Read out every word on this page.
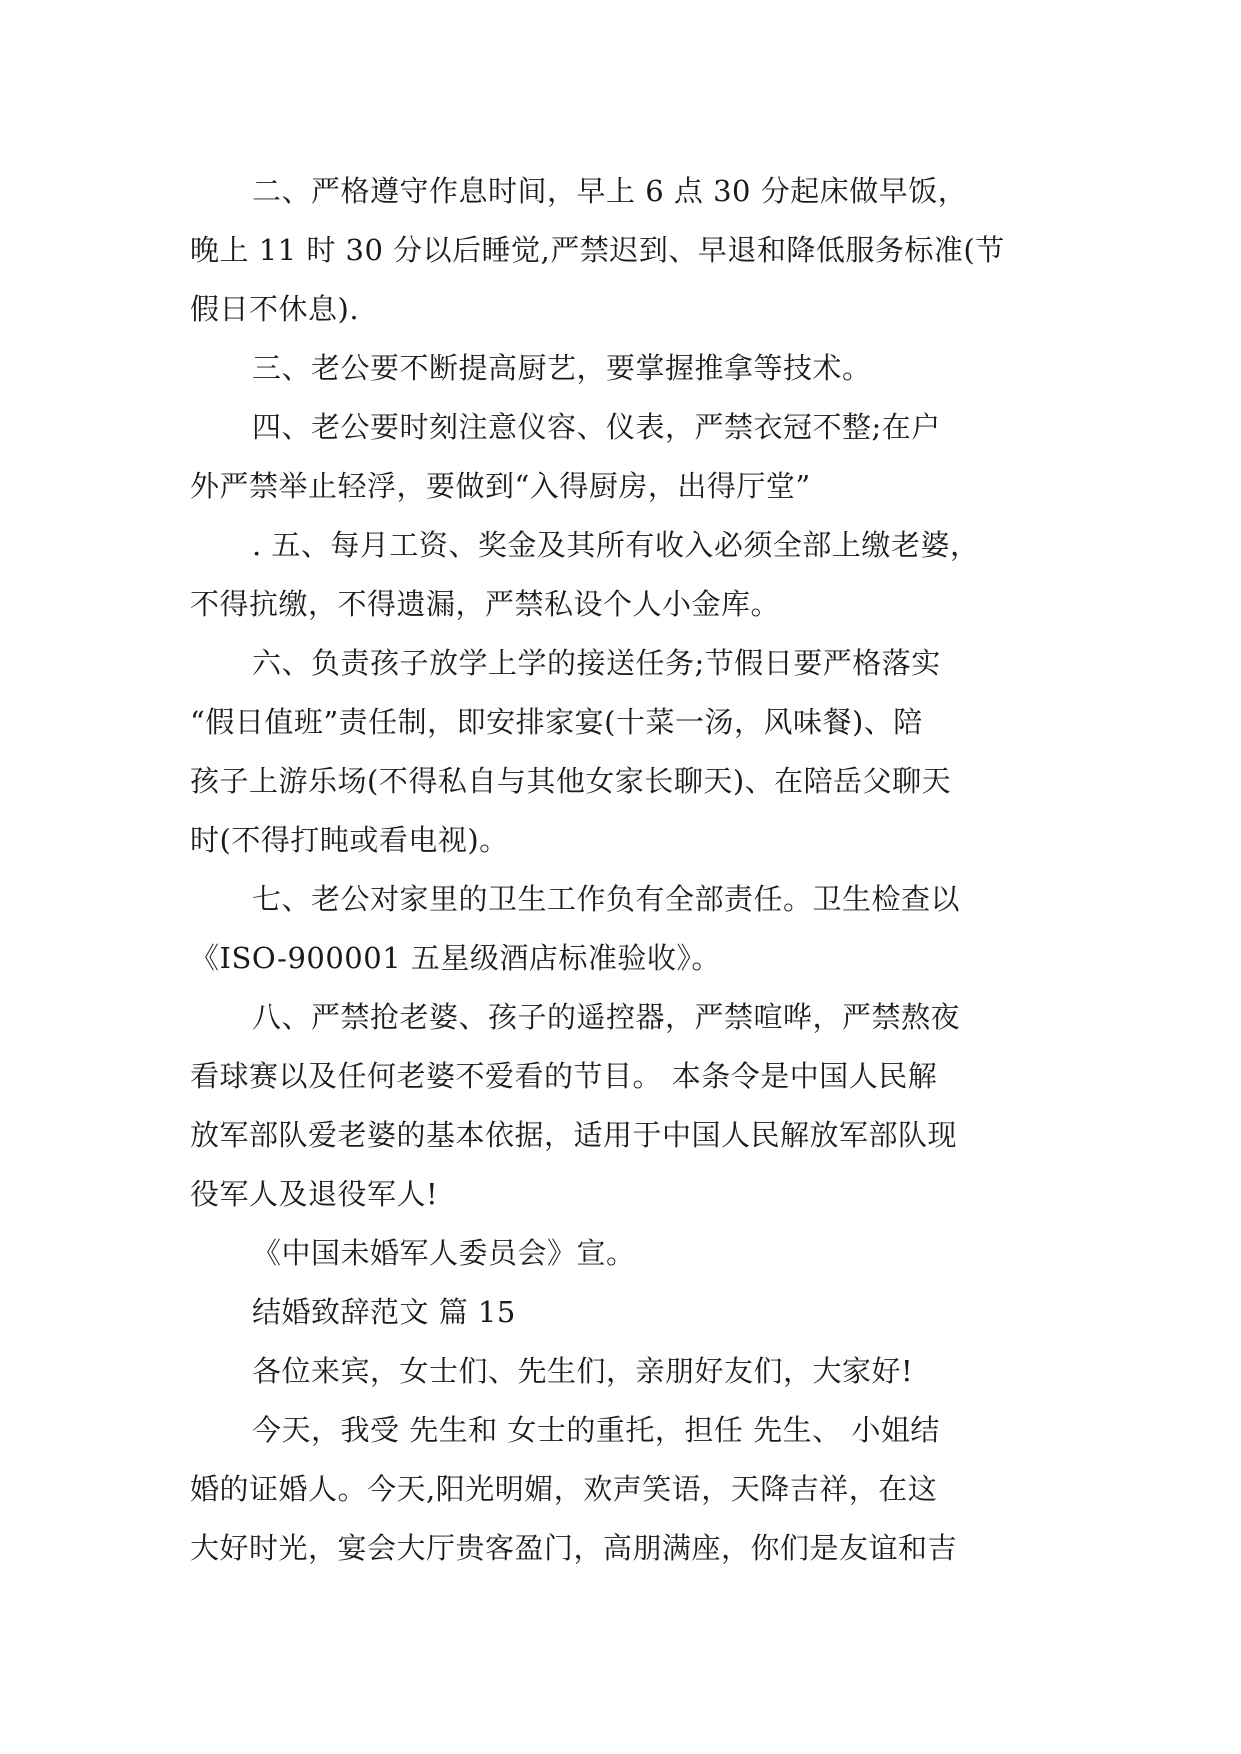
二、严格遵守作息时间，早上 6 点 30 分起床做早饭，
晚上 11 时 30 分以后睡觉,严禁迟到、早退和降低服务标准(节
假日不休息).
三、老公要不断提高厨艺，要掌握推拿等技术。
四、老公要时刻注意仪容、仪表，严禁衣冠不整;在户
外严禁举止轻浮，要做到“入得厨房，出得厅堂”
. 五、每月工资、奖金及其所有收入必须全部上缴老婆，
不得抗缴，不得遗漏，严禁私设个人小金库。
六、负责孩子放学上学的接送任务;节假日要严格落实
“假日值班”责任制，即安排家宴(十菜一汤，风味餐)、陪
孩子上游乐场(不得私自与其他女家长聊天)、在陪岳父聊天
时(不得打盹或看电视)。
七、老公对家里的卫生工作负有全部责任。卫生检查以
《ISO-900001 五星级酒店标准验收》。
八、严禁抢老婆、孩子的遥控器，严禁喧哗，严禁熬夜
看球赛以及任何老婆不爱看的节目。 本条令是中国人民解
放军部队爱老婆的基本依据，适用于中国人民解放军部队现
役军人及退役军人!
《中国未婚军人委员会》宣。
结婚致辞范文 篇 15
各位来宾，女士们、先生们，亲朋好友们，大家好!
今天，我受 先生和 女士的重托，担任 先生、 小姐结
婚的证婚人。今天,阳光明媚，欢声笑语，天降吉祥，在这
大好时光，宴会大厅贵客盈门，高朋满座，你们是友谊和吉
